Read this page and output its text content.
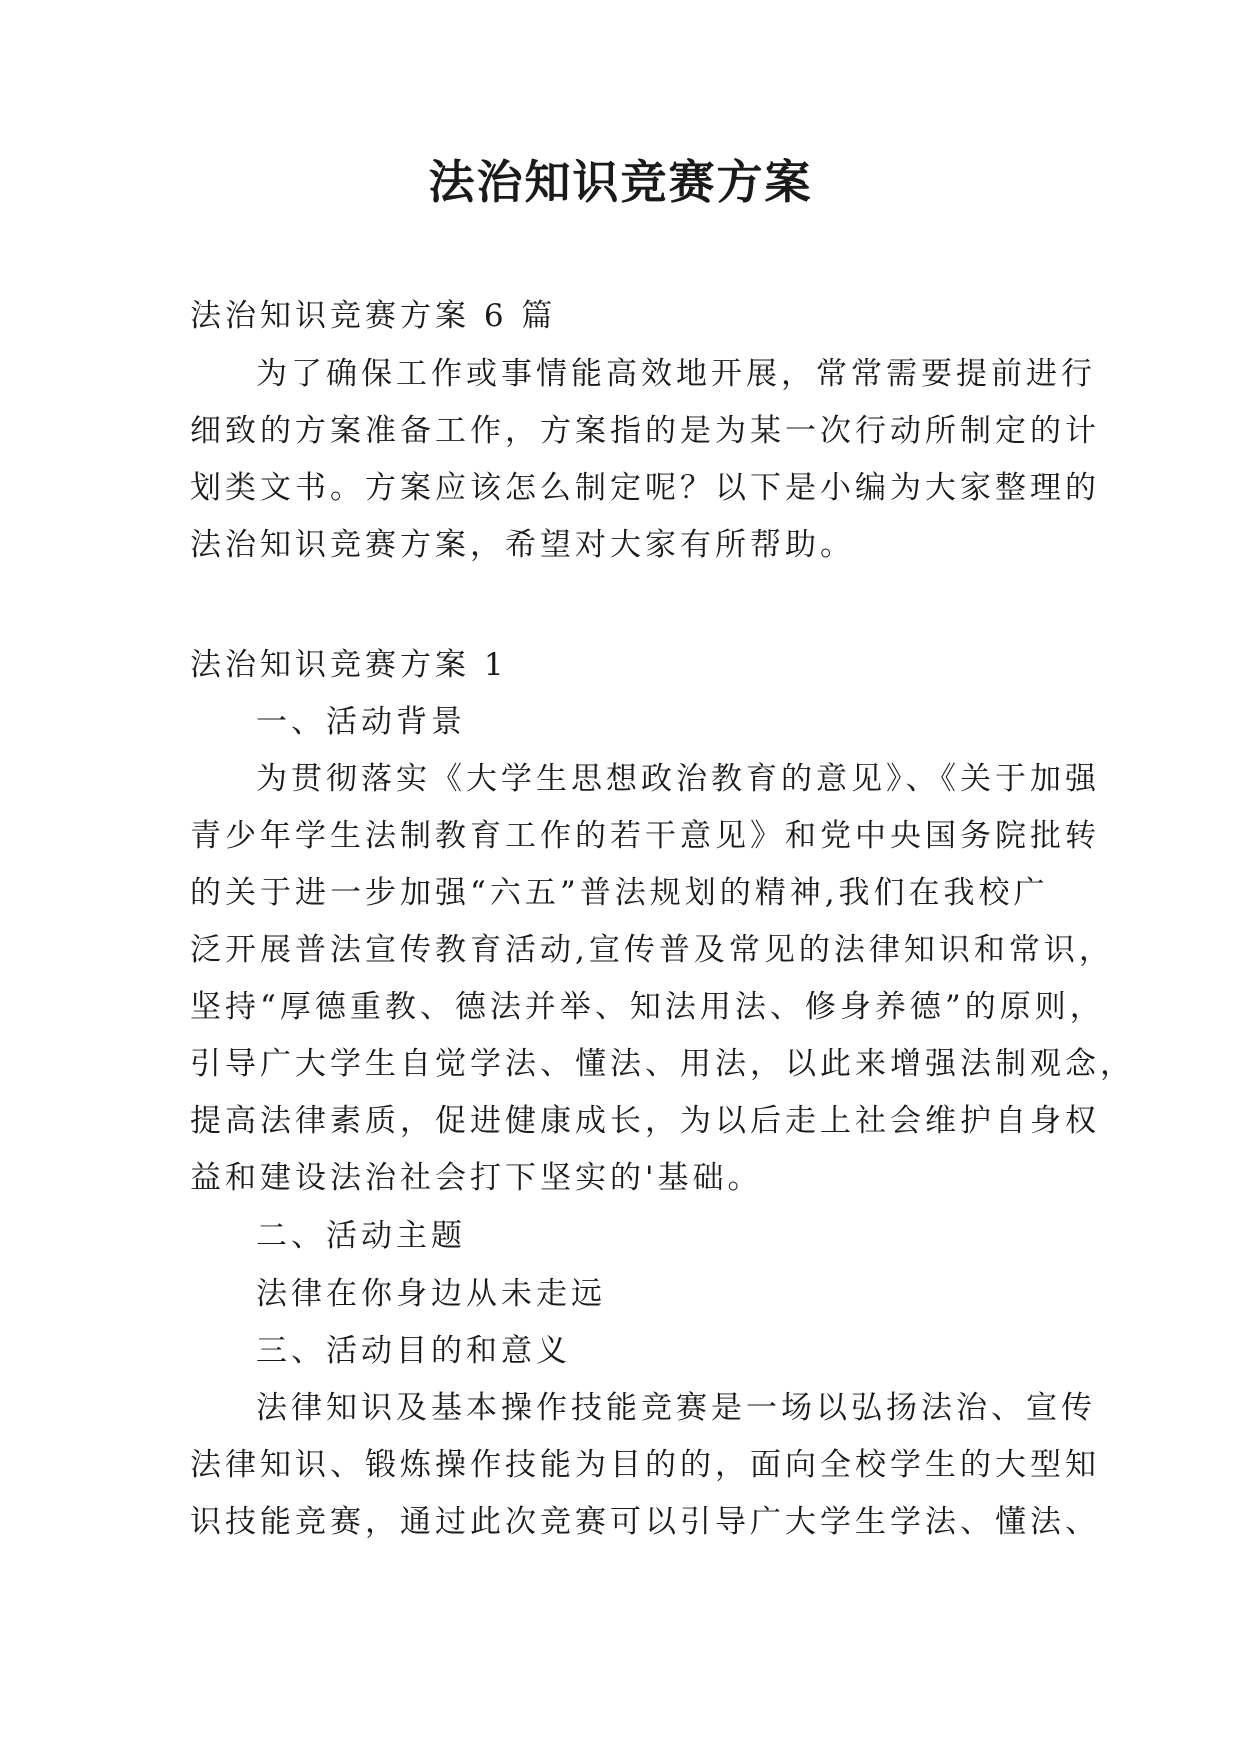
法治知识竞赛方案
法治知识竞赛方案 6 篇
为了确保工作或事情能高效地开展，常常需要提前进行
细致的方案准备工作，方案指的是为某一次行动所制定的计
划类文书。方案应该怎么制定呢？以下是小编为大家整理的
法治知识竞赛方案，希望对大家有所帮助。
法治知识竞赛方案 1
一、活动背景
为贯彻落实《大学生思想政治教育的意见》、《关于加强
青少年学生法制教育工作的若干意见》和党中央国务院批转
的关于进一步加强“六五”普法规划的精神,我们在我校广
泛开展普法宣传教育活动,宣传普及常见的法律知识和常识，
坚持“厚德重教、德法并举、知法用法、修身养德”的原则，
引导广大学生自觉学法、懂法、用法，以此来增强法制观念，
提高法律素质，促进健康成长，为以后走上社会维护自身权
益和建设法治社会打下坚实的'基础。
二、活动主题
法律在你身边从未走远
三、活动目的和意义
法律知识及基本操作技能竞赛是一场以弘扬法治、宣传
法律知识、锻炼操作技能为目的的，面向全校学生的大型知
识技能竞赛，通过此次竞赛可以引导广大学生学法、懂法、
